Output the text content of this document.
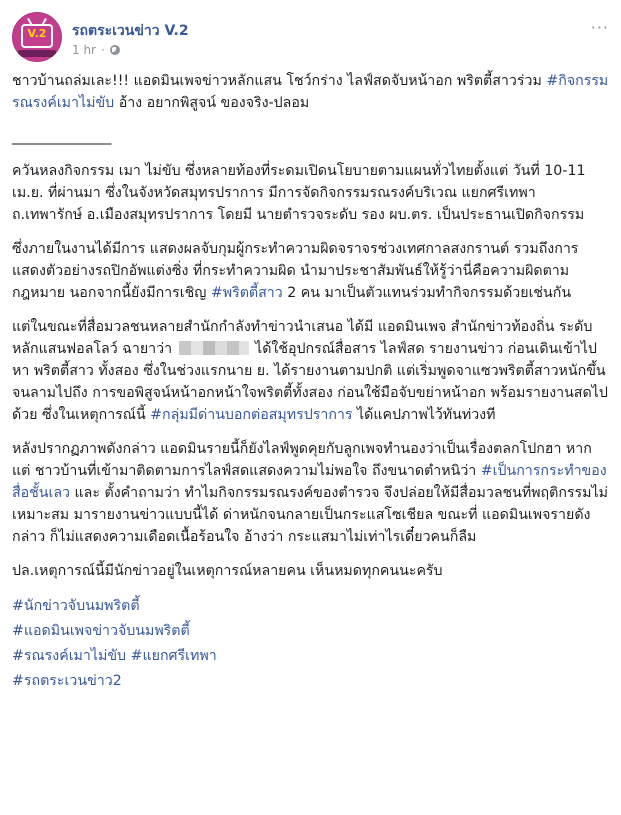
V.2	รถตระเวนข่าว V.2
1 hr ·
···

ชาวบ้านถล่มเละ!!! แอดมินเพจข่าวหลักแสน โชว์กร่าง ไลฟ์สดจับหน้าอก พริตตี้สาวร่วม #กิจกรรมรณรงค์เมาไม่ขับ อ้าง อยากพิสูจน์ ของจริง-ปลอม

______________

ควันหลงกิจกรรม เมา ไม่ขับ ซึ่งหลายท้องที่ระดมเปิดนโยบายตามแผนทั่วไทยตั้งแต่ วันที่ 10-11 เม.ย. ที่ผ่านมา ซึ่งในจังหวัดสมุทรปราการ มีการจัดกิจกรรมรณรงค์บริเวณ แยกศรีเทพา ถ.เทพารักษ์ อ.เมืองสมุทรปราการ โดยมี นายตำรวจระดับ รอง ผบ.ตร. เป็นประธานเปิดกิจกรรม

ซึ่งภายในงานได้มีการ แสดงผลจับกุมผู้กระทำความผิดจราจรช่วงเทศกาลสงกรานต์ รวมถึงการ แสดงตัวอย่างรถปิกอัพแต่งซิ่ง ที่กระทำความผิด นำมาประชาสัมพันธ์ให้รู้ว่านี่คือความผิดตามกฎหมาย นอกจากนี้ยังมีการเชิญ #พริตตี้สาว 2 คน มาเป็นตัวแทนร่วมทำกิจกรรมด้วยเช่นกัน

แต่ในขณะที่สื่อมวลชนหลายสำนักกำลังทำข่าวนำเสนอ ได้มี แอดมินเพจ สำนักข่าวท้องถิ่น ระดับ หลักแสนฟอลโลว์ ฉายาว่า	ได้ใช้อุปกรณ์สื่อสาร ไลฟ์สด รายงานข่าว ก่อนเดินเข้าไปหา พริตตี้สาว ทั้งสอง ซึ่งในช่วงแรกนาย ย. ได้รายงานตามปกติ แต่เริ่มพูดจาแซวพริตตี้สาวหนักขึ้น จนลามไปถึง การขอพิสูจน์หน้าอกหน้าใจพริตตี้ทั้งสอง ก่อนใช้มือจับขย่าหน้าอก พร้อมรายงานสดไปด้วย ซึ่งในเหตุการณ์นี้ #กลุ่มมีด่านบอกต่อสมุทรปราการ ได้แคปภาพไว้ทันท่วงที

หลังปรากฏภาพดังกล่าว แอดมินรายนี้ก็ยังไลฟ์พูดคุยกับลูกเพจทำนองว่าเป็นเรื่องตลกโปกฮา หากแต่ ชาวบ้านที่เข้ามาติดตามการไลฟ์สดแสดงความไม่พอใจ ถึงขนาดตำหนิว่า #เป็นการกระทำของสื่อชั้นเลว และ ตั้งคำถามว่า ทำไมกิจกรรมรณรงค์ของตำรวจ จึงปล่อยให้มีสื่อมวลชนที่พฤติกรรมไม่เหมาะสม มารายงานข่าวแบบนี้ได้ ด่าหนักจนกลายเป็นกระแสโซเชียล ขณะที่ แอดมินเพจรายดังกล่าว ก็ไม่แสดงความเดือดเนื้อร้อนใจ อ้างว่า กระแสมาไม่เท่าไรเดี๋ยวคนก็ลืม

ปล.เหตุการณ์นี้มีนักข่าวอยู่ในเหตุการณ์หลายคน เห็นหมดทุกคนนะครับ

#นักข่าวจับนมพริตตี้

#แอดมินเพจข่าวจับนมพริตตี้

#รณรงค์เมาไม่ขับ #แยกศรีเทพา

#รถตระเวนข่าว2
